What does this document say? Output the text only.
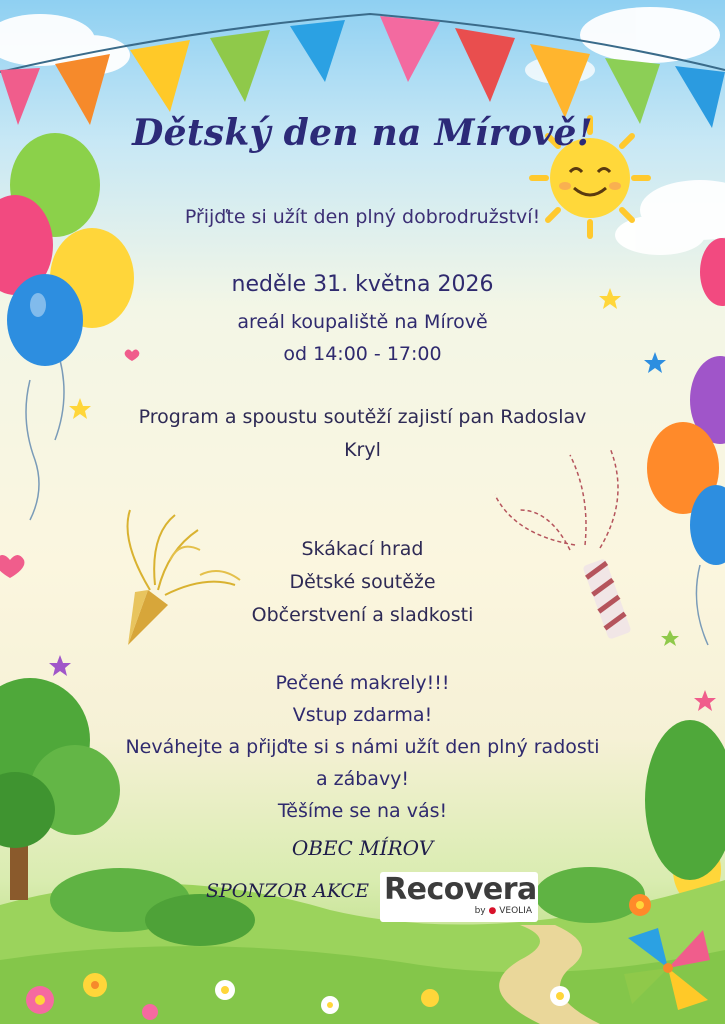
Dětský den na Mírově!

Přijďte si užít den plný dobrodružství!

neděle 31. května 2026

areál koupaliště na Mírově

od 14:00 - 17:00

Program a spoustu soutěží zajistí pan Radoslav

Kryl

Skákací hrad

Dětské soutěže

Občerstvení a sladkosti

Pečené makrely!!!

Vstup zdarma!

Neváhejte a přijďte si s námi užít den plný radosti

a zábavy!

Těšíme se na vás!

OBEC MÍROV

SPONZOR AKCE Recovera
by ● VEOLIA
